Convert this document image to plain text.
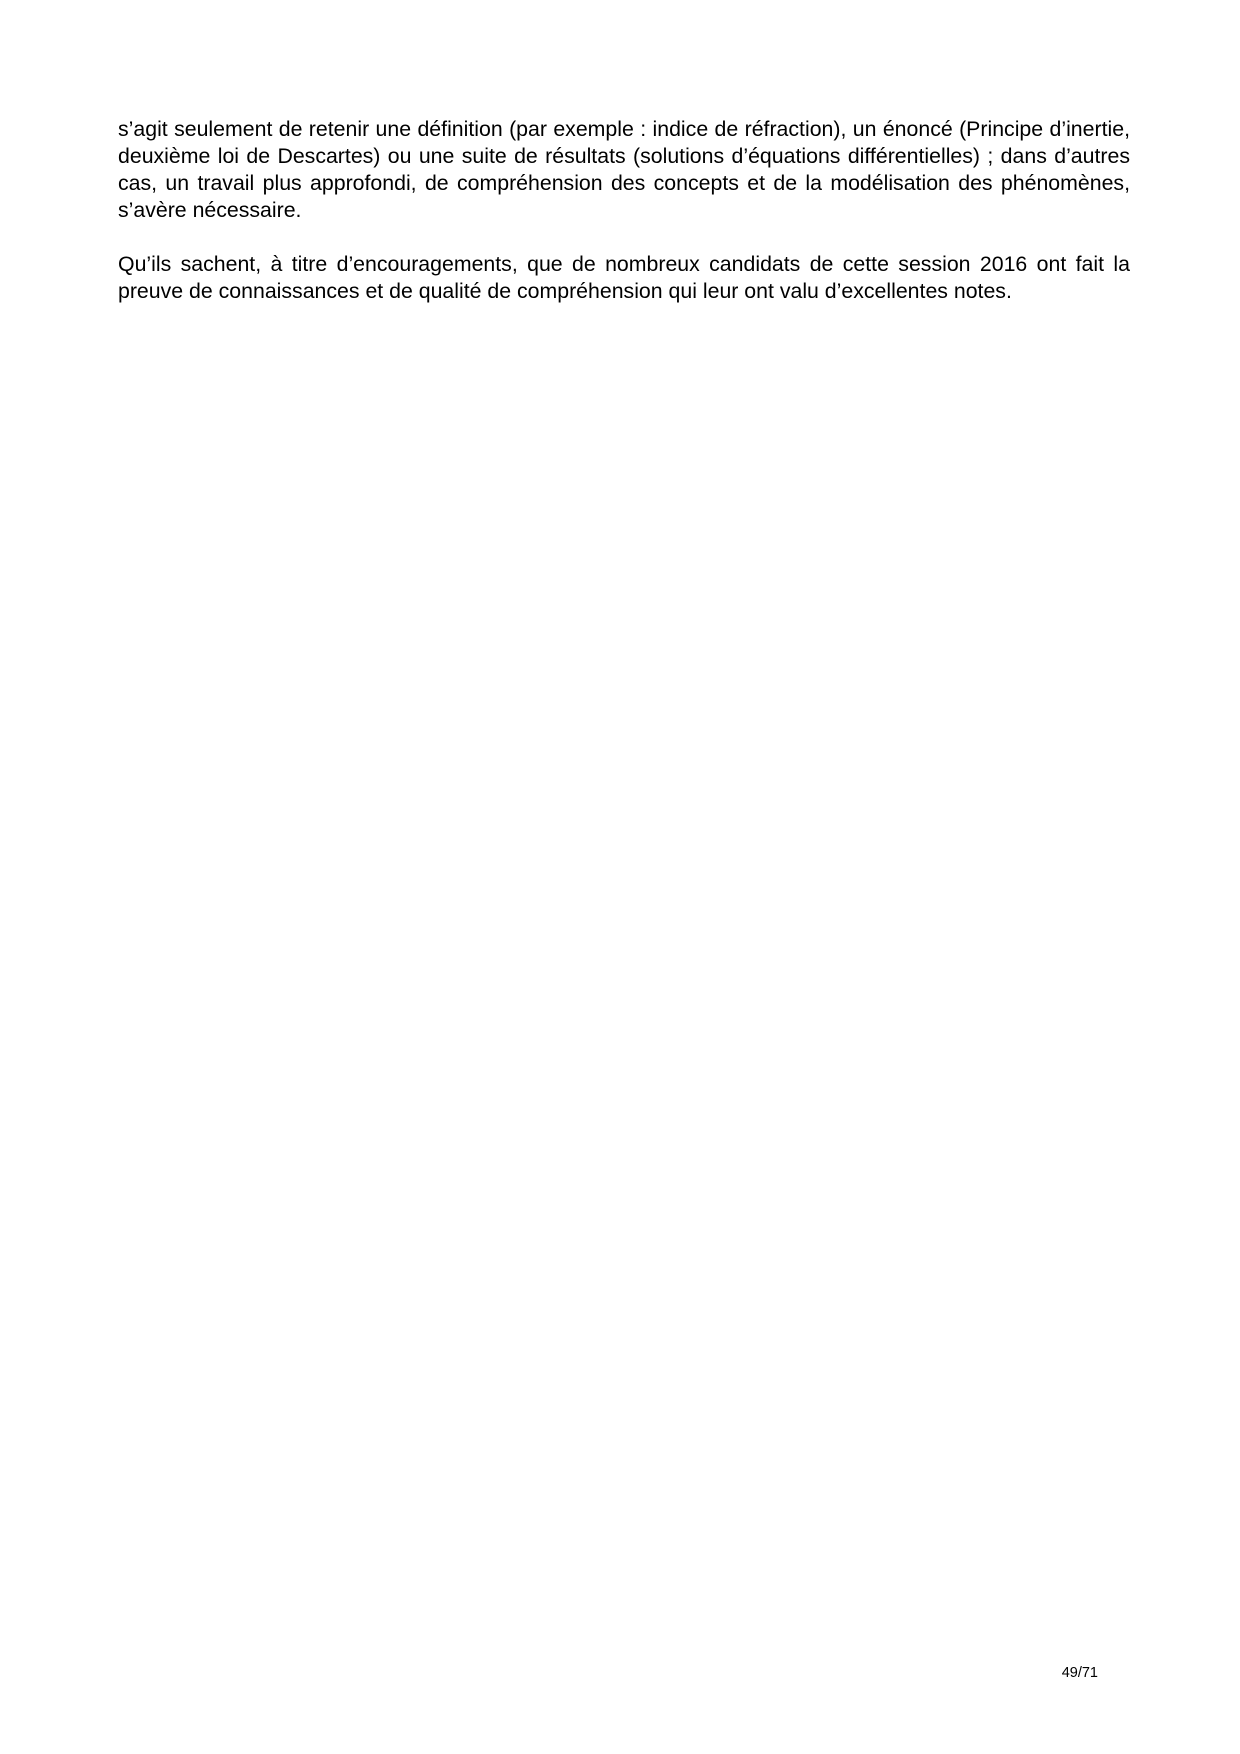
s’agit seulement de retenir une définition (par exemple : indice de réfraction), un énoncé (Principe d’inertie, deuxième loi de Descartes) ou une suite de résultats (solutions d’équations différentielles) ; dans d’autres cas, un travail plus approfondi, de compréhension des concepts et de la modélisation des phénomènes, s’avère nécessaire.

Qu’ils sachent, à titre d’encouragements, que de nombreux candidats de cette session 2016 ont fait la preuve de connaissances et de qualité de compréhension qui leur ont valu d’excellentes notes.

49/71
